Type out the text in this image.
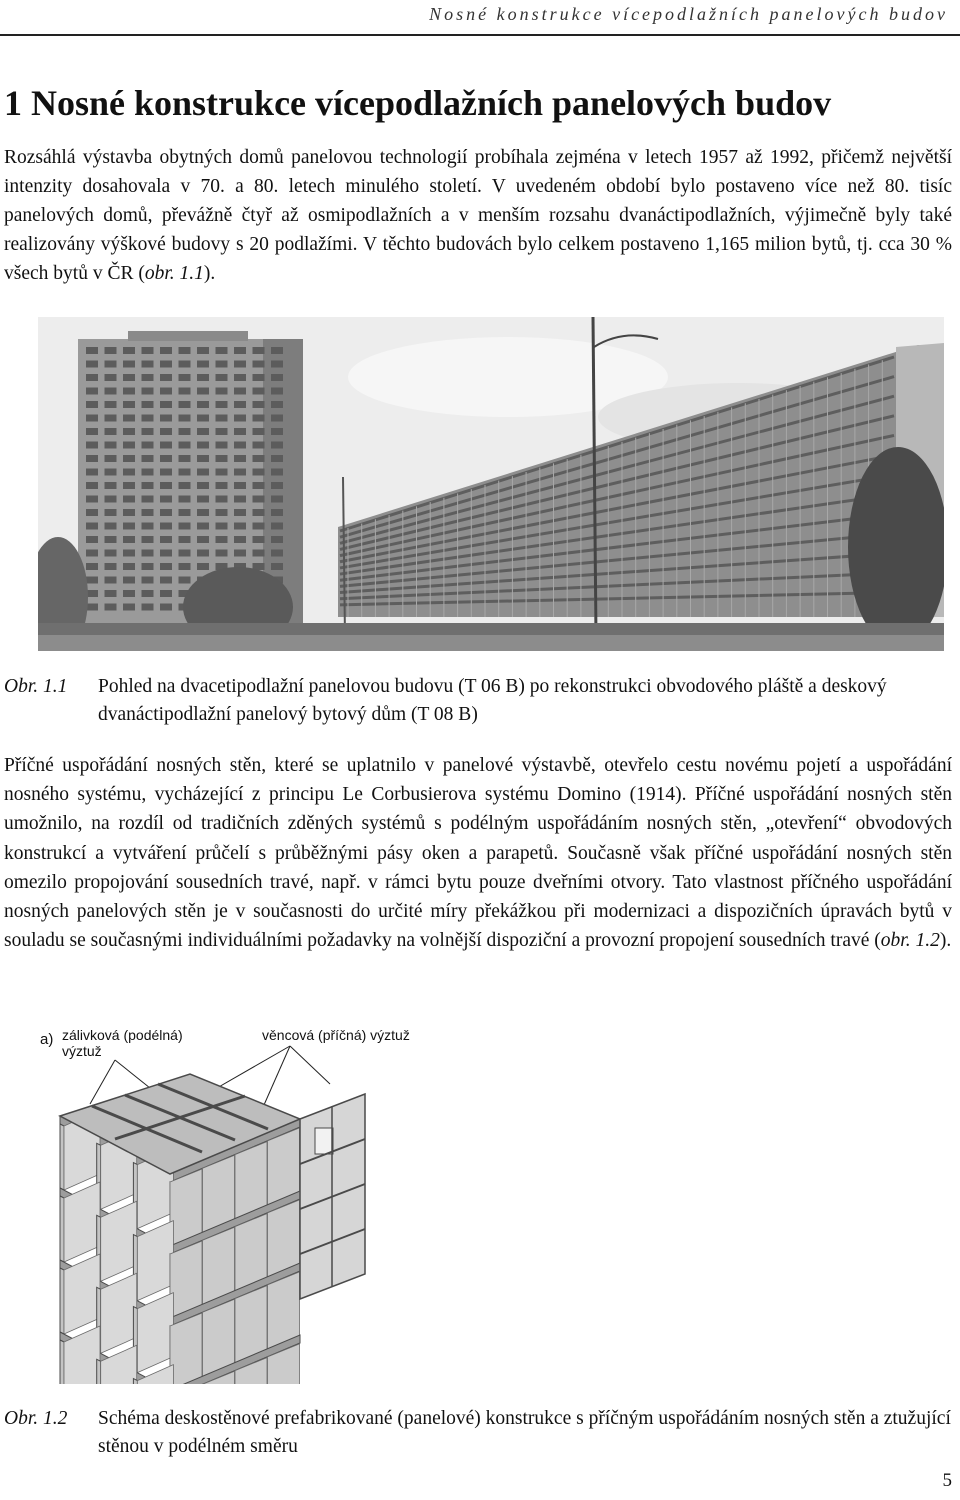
Nosné konstrukce vícepodlažních panelových budov
1 Nosné konstrukce vícepodlažních panelových budov

Rozsáhlá výstavba obytných domů panelovou technologií probíhala zejména v letech 1957 až 1992, přičemž největší intenzity dosahovala v 70. a 80. letech minulého století. V uvedeném období bylo postaveno více než 80. tisíc panelových domů, převážně čtyř až osmipodlažních a v menším rozsahu dvanáctipodlažních, výjimečně byly také realizovány výškové budovy s 20 podlažími. V těchto budovách bylo celkem postaveno 1,165 milion bytů, tj. cca 30 % všech bytů v ČR (obr. 1.1).

Obr. 1.1 Pohled na dvacetipodlažní panelovou budovu (T 06 B) po rekonstrukci obvodového pláště a deskový dvanáctipodlažní panelový bytový dům (T 08 B)

Příčné uspořádání nosných stěn, které se uplatnilo v panelové výstavbě, otevřelo cestu novému pojetí a uspořádání nosného systému, vycházející z principu Le Corbusierova systému Domino (1914). Příčné uspořádání nosných stěn umožnilo, na rozdíl od tradičních zděných systémů s podélným uspořádáním nosných stěn, „otevření“ obvodových konstrukcí a vytváření průčelí s průběžnými pásy oken a parapetů. Současně však příčné uspořádání nosných stěn omezilo propojování sousedních travé, např. v rámci bytu pouze dveřními otvory. Tato vlastnost příčného uspořádání nosných panelových stěn je v současnosti do určité míry překážkou při modernizaci a dispozičních úpravách bytů v souladu se současnými individuálními požadavky na volnější dispoziční a provozní propojení sousedních travé (obr. 1.2).

a) zálivková (podélná)
výztuž
věncová (příčná) výztuž
Obr. 1.2 Schéma deskostěnové prefabrikované (panelové) konstrukce s příčným uspořádáním nosných stěn a ztužující stěnou v podélném směru
5
